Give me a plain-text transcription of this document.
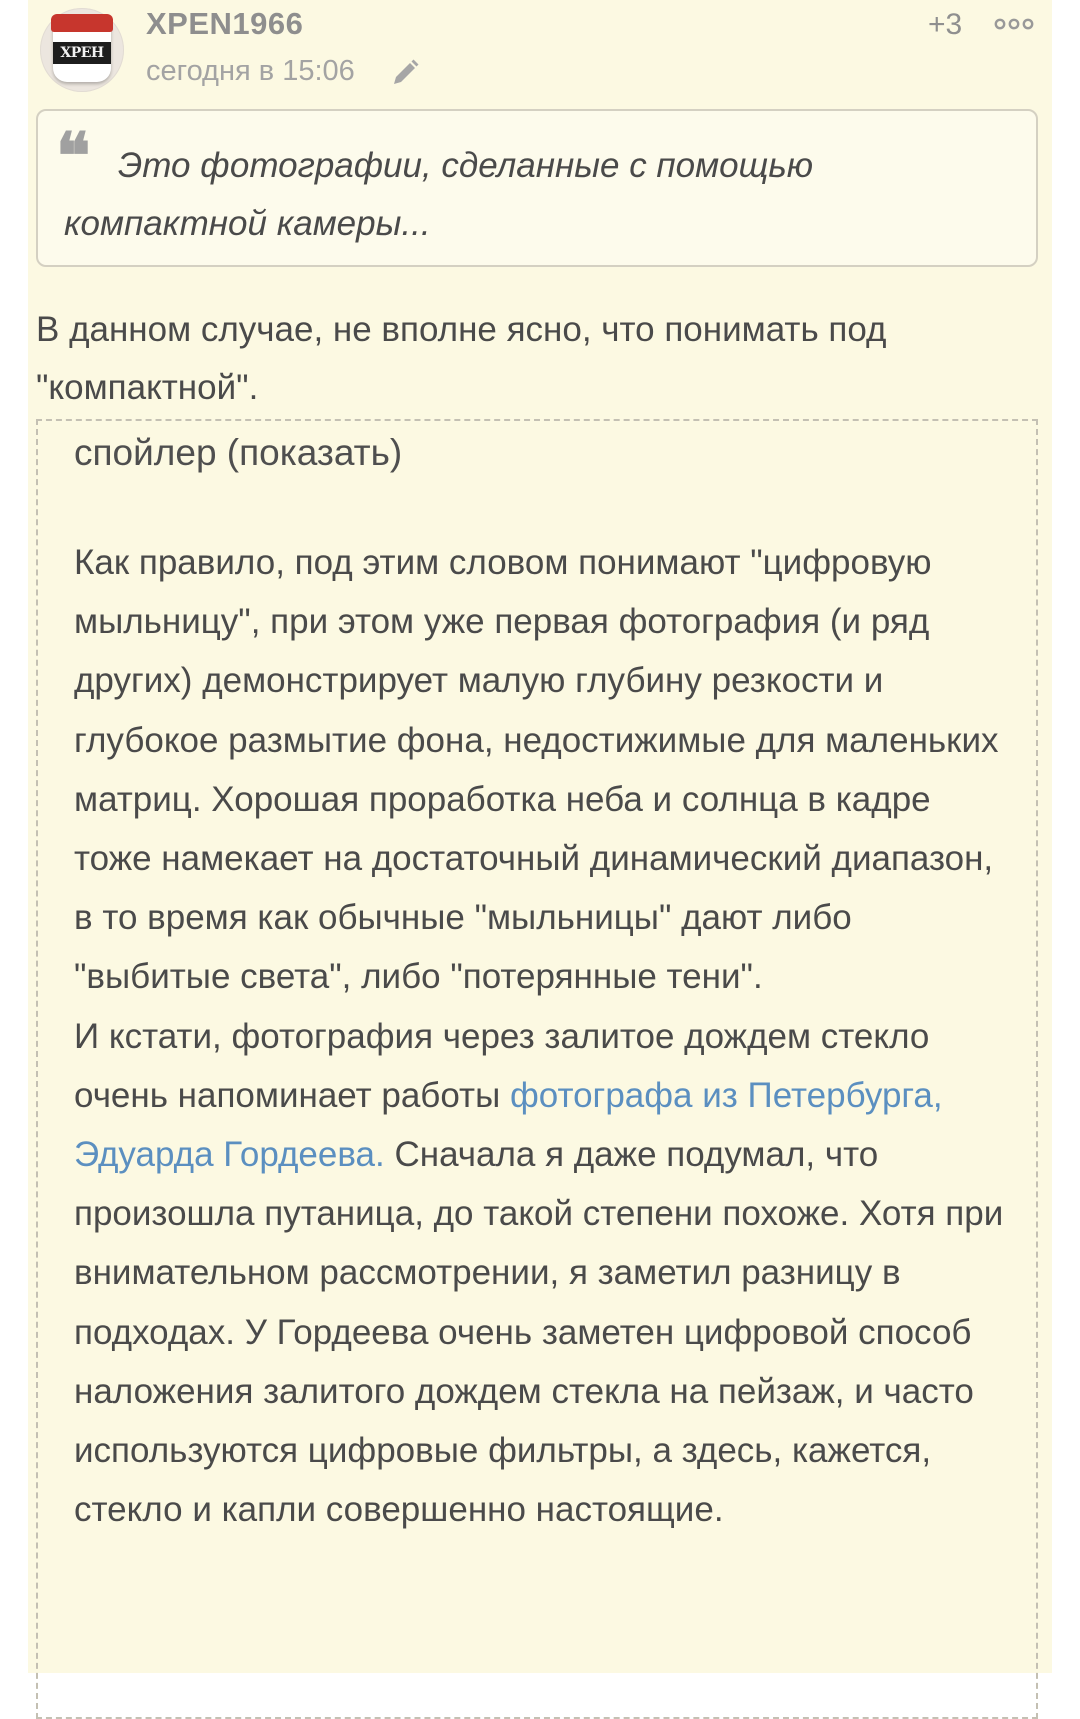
XPEH
XPEN1966
сегодня в 15:06
+3
❝ Это фотографии, сделанные с помощью компактной камеры...

В данном случае, не вполне ясно, что понимать под "компактной".

спойлер (показать)

Как правило, под этим словом понимают "цифровую мыльницу", при этом уже первая фотография (и ряд других) демонстрирует малую глубину резкости и глубокое размытие фона, недостижимые для маленьких матриц. Хорошая проработка неба и солнца в кадре тоже намекает на достаточный динамический диапазон, в то время как обычные "мыльницы" дают либо "выбитые света", либо "потерянные тени".

И кстати, фотография через залитое дождем стекло очень напоминает работы фотографа из Петербурга, Эдуарда Гордеева. Сначала я даже подумал, что произошла путаница, до такой степени похоже. Хотя при внимательном рассмотрении, я заметил разницу в подходах. У Гордеева очень заметен цифровой способ наложения залитого дождем стекла на пейзаж, и часто используются цифровые фильтры, а здесь, кажется, стекло и капли совершенно настоящие.
